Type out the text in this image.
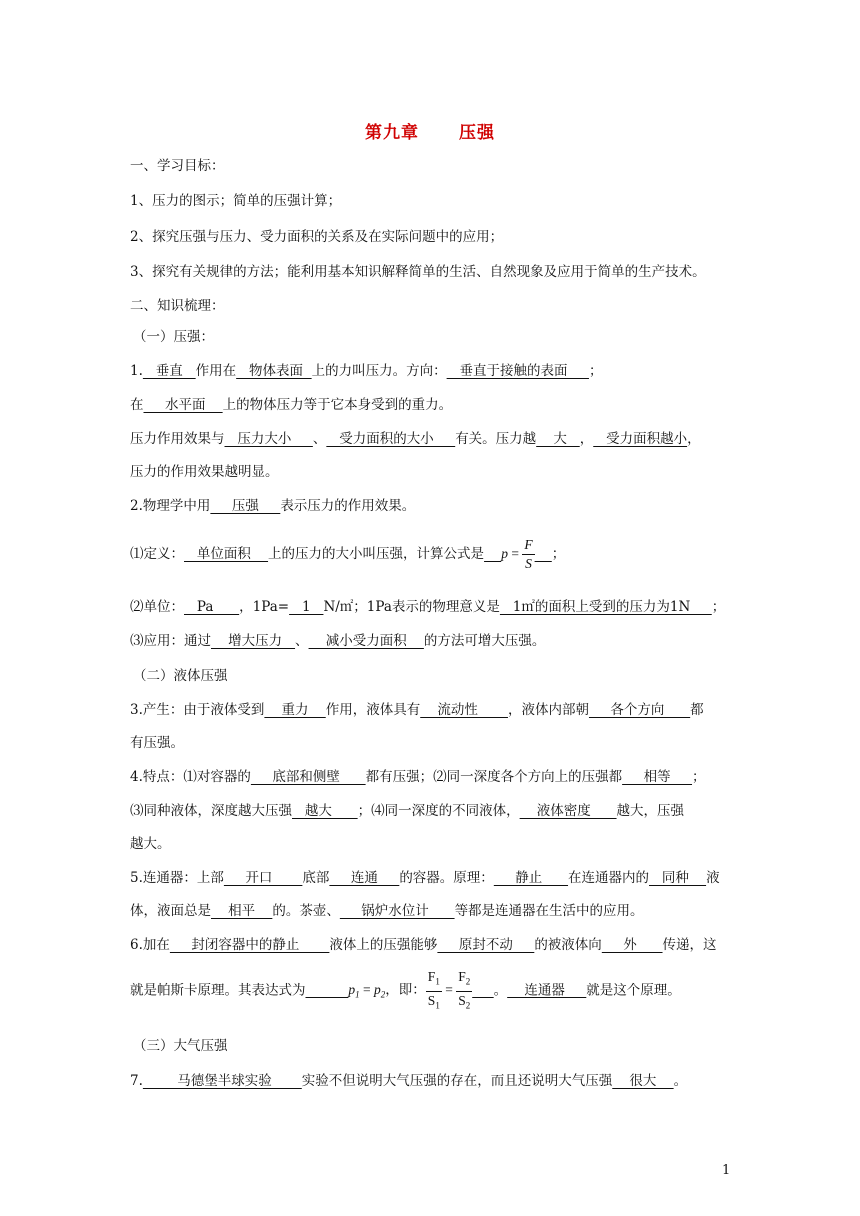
第九章 压强
一、学习目标：
1、压力的图示；简单的压强计算；
2、探究压强与压力、受力面积的关系及在实际问题中的应用；
3、探究有关规律的方法；能利用基本知识解释简单的生活、自然现象及应用于简单的生产技术。
二、知识梳理：
（一）压强：
1.   垂直   作用在   物体表面  上的力叫压力。方向：   垂直于接触的表面     ；
在     水平面    上的物体压力等于它本身受到的重力。
压力作用效果与   压力大小     、   受力面积的大小     有关。压力越    大   ，   受力面积越小，
压力的作用效果越明显。
2.物理学中用     压强     表示压力的作用效果。
⑴定义：   单位面积    上的压力的大小叫压强，计算公式是 $p = \frac{F}{S}$ ；
⑵单位：   Pa      ，1Pa=   1   N/㎡；1Pa表示的物理意义是   1㎡的面积上受到的压力为1N     ；
⑶应用：通过    增大压力   、    减小受力面积    的方法可增大压强。
（二）液体压强
3.产生：由于液体受到    重力    作用，液体具有    流动性       ，液体内部朝     各个方向      都
有压强。
4.特点：⑴对容器的     底部和侧壁      都有压强；⑵同一深度各个方向上的压强都     相等     ；
⑶同种液体，深度越大压强   越大      ；⑷同一深度的不同液体，    液体密度      越大，压强
越大。
5.连通器：上部     开口       底部     连通     的容器。原理：     静止      在连通器内的   同种    液
体，液面总是    相平    的。茶壶、     锅炉水位计      等都是连通器在生活中的应用。
6.加在     封闭容器中的静止       液体上的压强能够     原封不动     的被液体向     外      传递，这
就是帕斯卡原理。其表达式为	$p_1 = p_2$，即： $\frac{F_1}{S_1} = \frac{F_2}{S_2}$ 。    连通器     就是这个原理。
（三）大气压强
7.        马德堡半球实验       实验不但说明大气压强的存在，而且还说明大气压强    很大    。
1
